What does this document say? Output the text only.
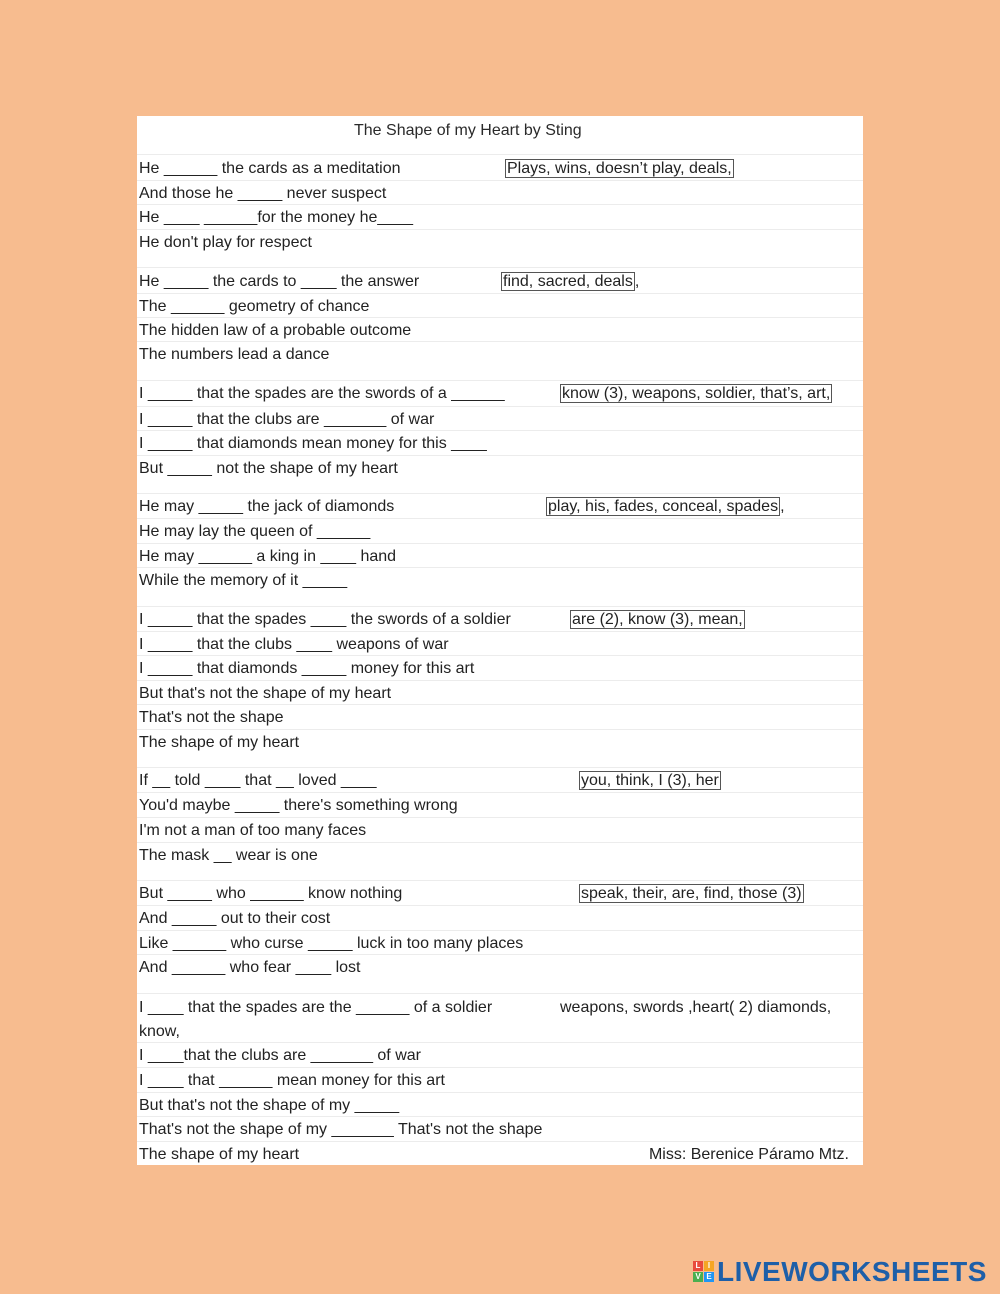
The Shape of my Heart by Sting
He ______ the cards as a meditation
And those he _____ never suspect
He ____ ______for the money he____
He don't play for respect
Plays, wins, doesn’t play, deals,
He _____ the cards to ____ the answer
The ______ geometry of chance
The hidden law of a probable outcome
The numbers lead a dance
find, sacred, deals ,
I _____ that the spades are the swords of a ______
I _____ that the clubs are _______ of war
I _____ that diamonds mean money for this ____
But _____ not the shape of my heart
know (3), weapons, soldier, that’s, art,
He may _____ the jack of diamonds
He may lay the queen of ______
He may ______ a king in ____ hand
While the memory of it _____
play, his, fades, conceal, spades ,
I _____ that the spades ____ the swords of a soldier
I _____ that the clubs ____ weapons of war
I _____ that diamonds _____ money for this art
But that's not the shape of my heart
That's not the shape
The shape of my heart
are (2), know (3), mean,
If __ told ____ that __ loved ____
You'd maybe _____ there's something wrong
I'm not a man of too many faces
The mask __ wear is one
you, think, I (3), her
But _____ who ______ know nothing
And _____ out to their cost
Like ______ who curse _____ luck in too many places
And ______ who fear ____ lost
speak, their, are, find, those (3)
I ____ that the spades are the ______ of a soldier	weapons, swords ,heart( 2) diamonds,
know,
I ____that the clubs are _______ of war
I ____ that ______ mean money for this art
But that's not the shape of my _____
That's not the shape of my _______ That's not the shape
The shape of my heart	Miss: Berenice Páramo Mtz.
L I
V E LIVEWORKSHEETS
